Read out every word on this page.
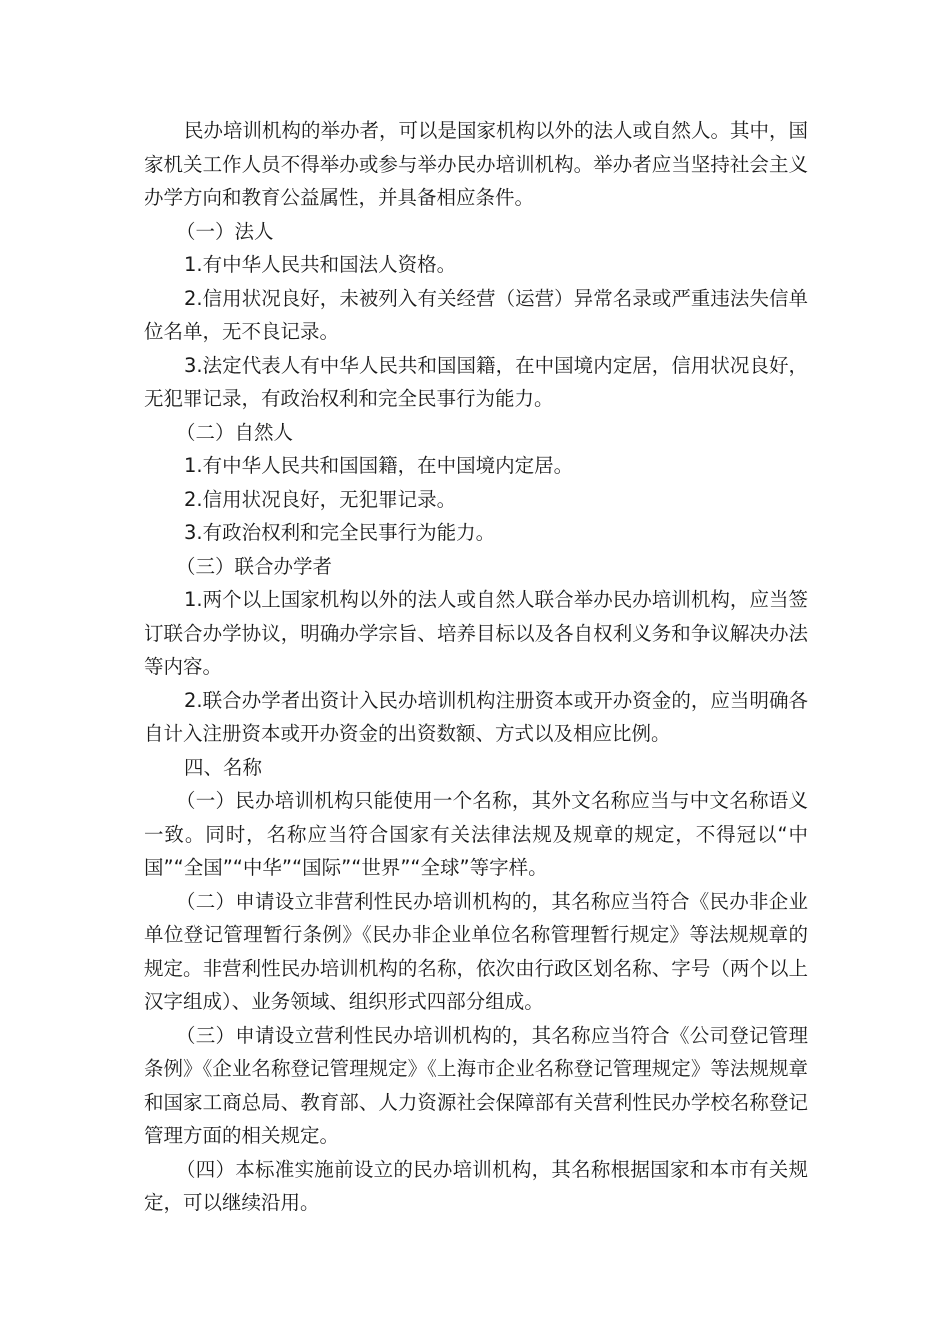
民办培训机构的举办者，可以是国家机构以外的法人或自然人。其中，国家机关工作人员不得举办或参与举办民办培训机构。举办者应当坚持社会主义办学方向和教育公益属性，并具备相应条件。

（一）法人

1.有中华人民共和国法人资格。

2.信用状况良好，未被列入有关经营（运营）异常名录或严重违法失信单位名单，无不良记录。

3.法定代表人有中华人民共和国国籍，在中国境内定居，信用状况良好，无犯罪记录，有政治权利和完全民事行为能力。

（二）自然人

1.有中华人民共和国国籍，在中国境内定居。

2.信用状况良好，无犯罪记录。

3.有政治权利和完全民事行为能力。

（三）联合办学者

1.两个以上国家机构以外的法人或自然人联合举办民办培训机构，应当签订联合办学协议，明确办学宗旨、培养目标以及各自权利义务和争议解决办法等内容。

2.联合办学者出资计入民办培训机构注册资本或开办资金的，应当明确各自计入注册资本或开办资金的出资数额、方式以及相应比例。

四、名称

（一）民办培训机构只能使用一个名称，其外文名称应当与中文名称语义一致。同时，名称应当符合国家有关法律法规及规章的规定，不得冠以“中国”“全国”“中华”“国际”“世界”“全球”等字样。

（二）申请设立非营利性民办培训机构的，其名称应当符合《民办非企业单位登记管理暂行条例》《民办非企业单位名称管理暂行规定》等法规规章的规定。非营利性民办培训机构的名称，依次由行政区划名称、字号（两个以上汉字组成）、业务领域、组织形式四部分组成。

（三）申请设立营利性民办培训机构的，其名称应当符合《公司登记管理条例》《企业名称登记管理规定》《上海市企业名称登记管理规定》等法规规章和国家工商总局、教育部、人力资源社会保障部有关营利性民办学校名称登记管理方面的相关规定。

（四）本标准实施前设立的民办培训机构，其名称根据国家和本市有关规定，可以继续沿用。
